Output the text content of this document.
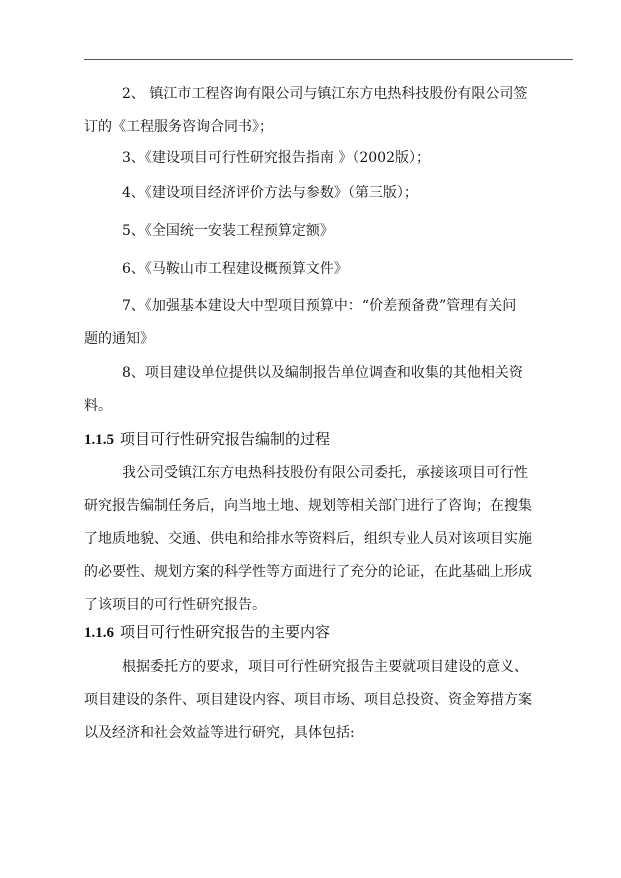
2、 镇江市工程咨询有限公司与镇江东方电热科技股份有限公司签
订的《工程服务咨询合同书》；
3、《建设项目可行性研究报告指南 》（2002版）；
4、《建设项目经济评价方法与参数》（第三版）；
5、《全国统一安装工程预算定额》
6、《马鞍山市工程建设概预算文件》
7、《加强基本建设大中型项目预算中：“价差预备费”管理有关问
题的通知》
8、项目建设单位提供以及编制报告单位调查和收集的其他相关资
料。
1.1.5 项目可行性研究报告编制的过程
我公司受镇江东方电热科技股份有限公司委托，承接该项目可行性
研究报告编制任务后，向当地土地、规划等相关部门进行了咨询；在搜集
了地质地貌、交通、供电和给排水等资料后，组织专业人员对该项目实施
的必要性、规划方案的科学性等方面进行了充分的论证，在此基础上形成
了该项目的可行性研究报告。
1.1.6 项目可行性研究报告的主要内容
根据委托方的要求，项目可行性研究报告主要就项目建设的意义、
项目建设的条件、项目建设内容、项目市场、项目总投资、资金筹措方案
以及经济和社会效益等进行研究，具体包括:
